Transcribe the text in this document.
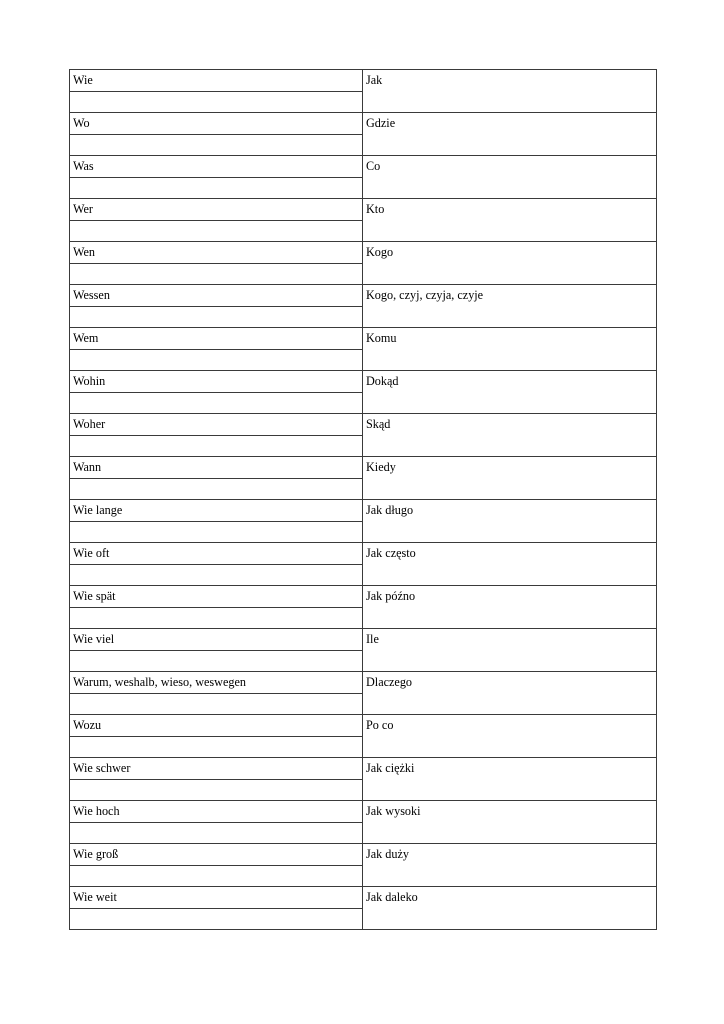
Wie	Jak

Wo	Gdzie

Was	Co

Wer	Kto

Wen	Kogo

Wessen	Kogo, czyj, czyja, czyje

Wem	Komu

Wohin	Dokąd

Woher	Skąd

Wann	Kiedy

Wie lange	Jak długo

Wie oft	Jak często

Wie spät	Jak późno

Wie viel	Ile

Warum, weshalb, wieso, weswegen	Dlaczego

Wozu	Po co

Wie schwer	Jak ciężki

Wie hoch	Jak wysoki

Wie groß	Jak duży

Wie weit	Jak daleko
